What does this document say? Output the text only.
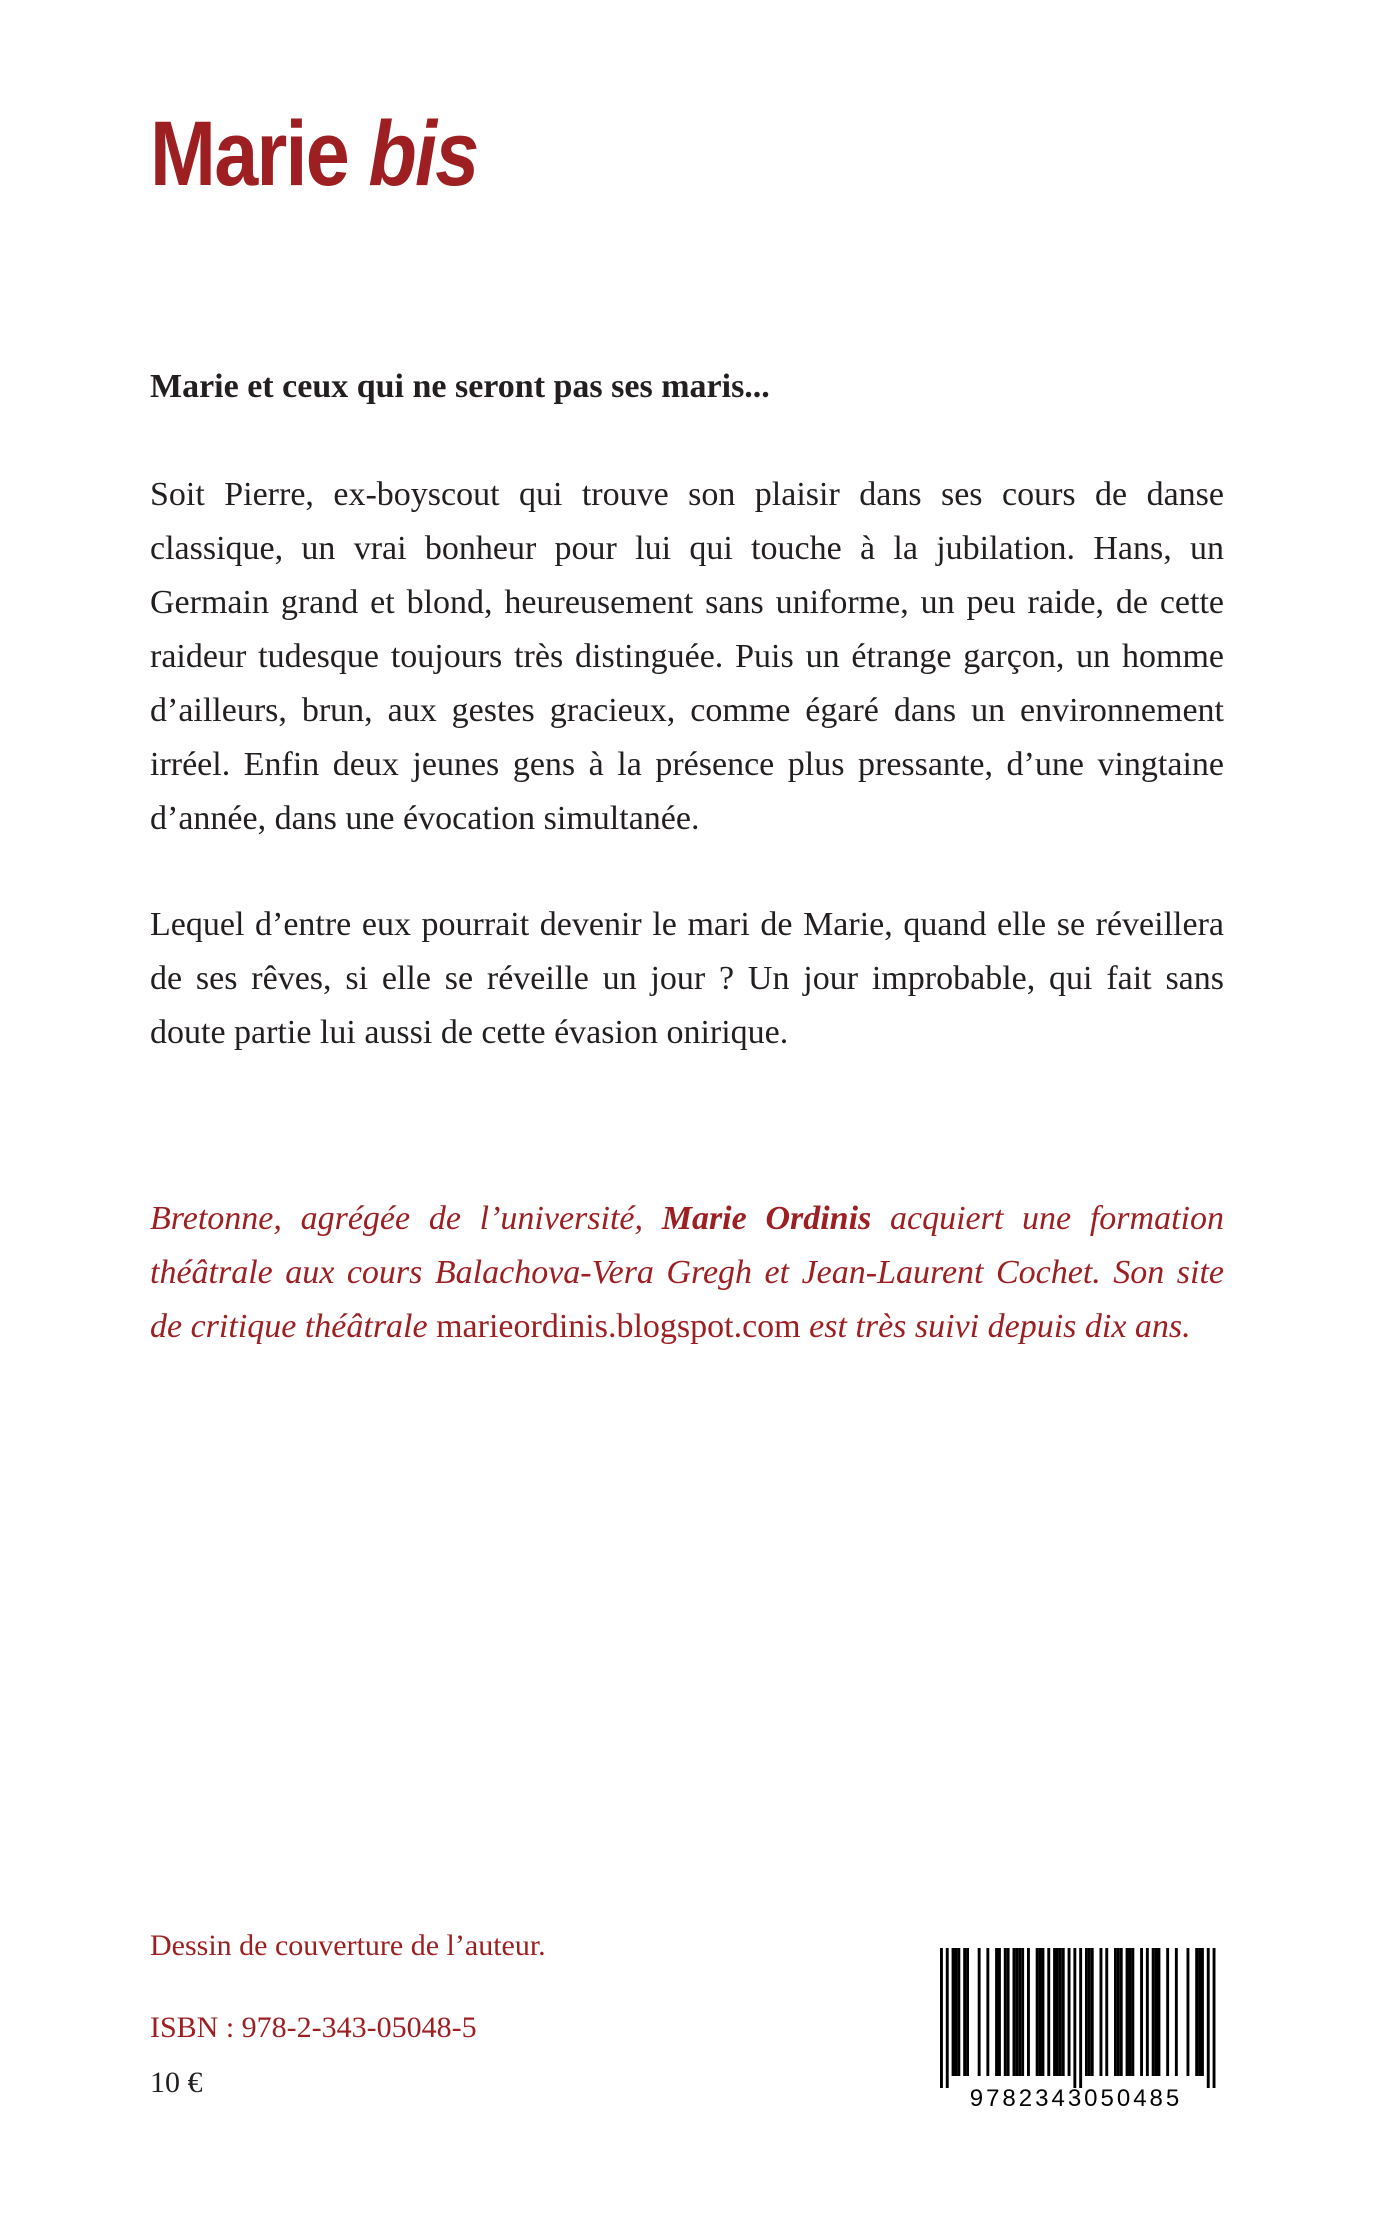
Marie bis

Marie et ceux qui ne seront pas ses maris...

Soit Pierre, ex-boyscout qui trouve son plaisir dans ses cours de danse classique, un vrai bonheur pour lui qui touche à la jubilation. Hans, un Germain grand et blond, heureusement sans uniforme, un peu raide, de cette raideur tudesque toujours très distinguée. Puis un étrange garçon, un homme d’ailleurs, brun, aux gestes gracieux, comme égaré dans un environnement irréel. Enfin deux jeunes gens à la présence plus pressante, d’une vingtaine d’année, dans une évocation simultanée.

Lequel d’entre eux pourrait devenir le mari de Marie, quand elle se réveillera de ses rêves, si elle se réveille un jour ? Un jour improbable, qui fait sans doute partie lui aussi de cette évasion onirique.

Bretonne, agrégée de l’université, Marie Ordinis acquiert une formation théâtrale aux cours Balachova-Vera Gregh et Jean-Laurent Cochet. Son site de critique théâtrale marieordinis.blogspot.com est très suivi depuis dix ans.

Dessin de couverture de l’auteur.

ISBN : 978-2-343-05048-5

10 €	9782343050485
